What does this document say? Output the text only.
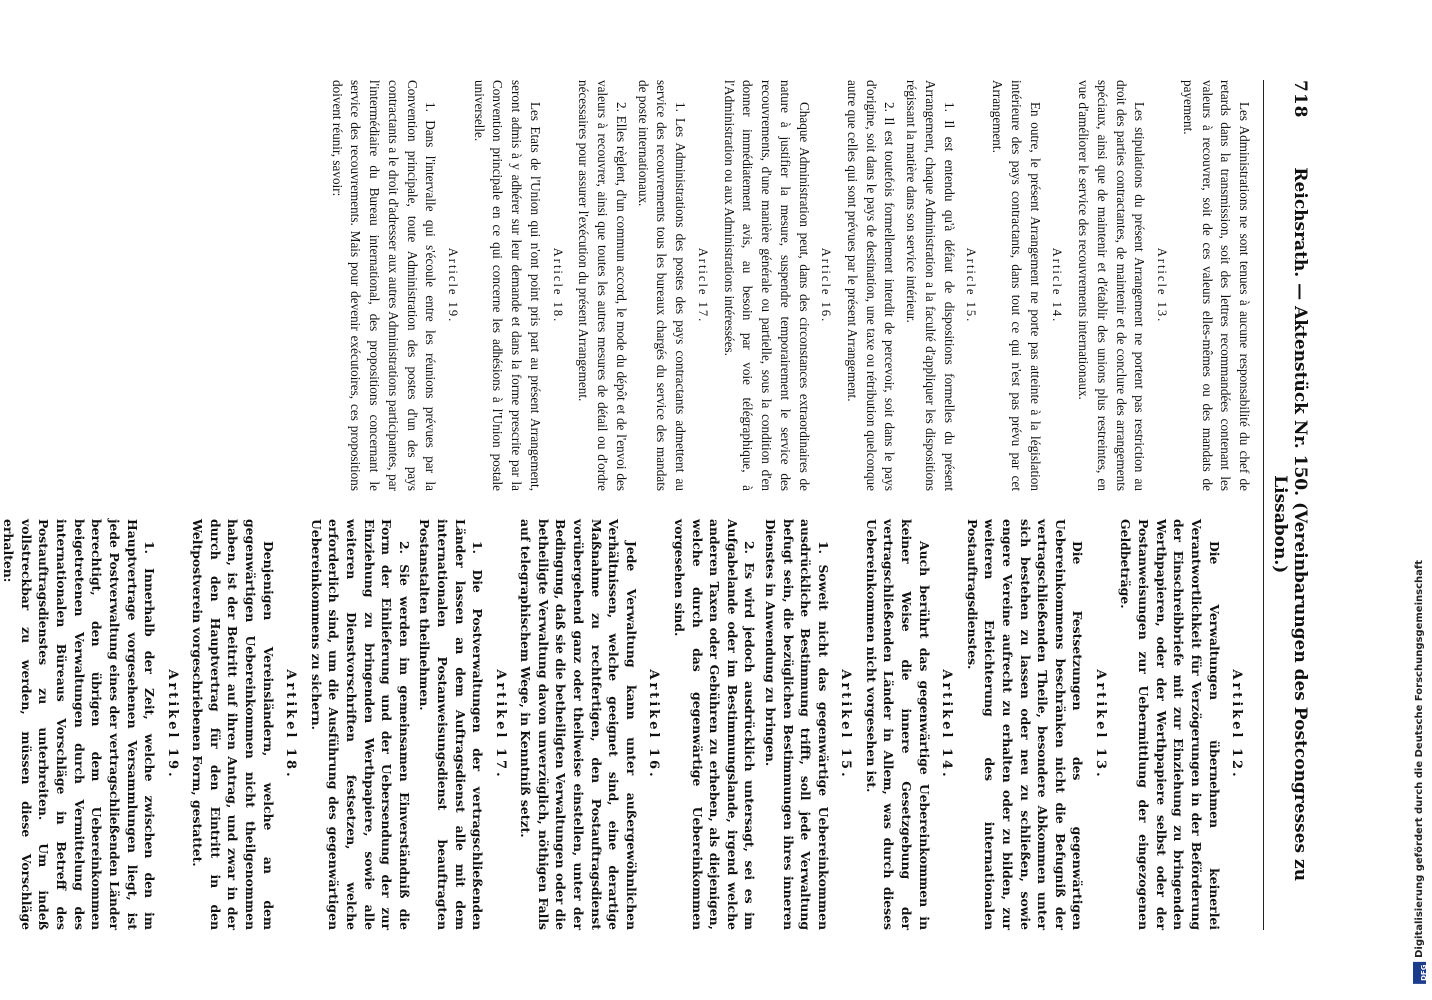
718
Reichsrath. — Aktenstück Nr. 150. (Vereinbarungen des Postcongresses zu Lissabon.)
Les Administrations ne sont tenues à aucune responsabilité du chef de retards dans la transmission, soit des lettres recommandées contenant les valeurs à recouvrer, soit de ces valeurs elles-mêmes ou des mandats de payement.
Article 13.
Les stipulations du présent Arrangement ne portent pas restriction au droit des parties contractantes, de maintenir et de conclure des arrangements spéciaux, ainsi que de maintenir et d'établir des unions plus restreintes, en vue d'améliorer le service des recouvrements internationaux.
Article 14.
En outre, le présent Arrangement ne porte pas atteinte à la législation intérieure des pays contractants, dans tout ce qui n'est pas prévu par cet Arrangement.
Article 15.
1. Il est entendu qu'à défaut de dispositions formelles du présent Arrangement, chaque Administration a la faculté d'appliquer les dispositions régissant la matière dans son service intérieur.
2. Il est toutefois formellement interdit de percevoir, soit dans le pays d'origine, soit dans le pays de destination, une taxe ou rétribution quelconque autre que celles qui sont prévues par le présent Arrangement.
Article 16.
Chaque Administration peut, dans des circonstances extraordinaires de nature à justifier la mesure, suspendre temporairement le service des recouvrements, d'une manière générale ou partielle, sous la condition d'en donner immédiatement avis, au besoin par voie télégraphique, à l'Administration ou aux Administrations intéressées.
Article 17.
1. Les Administrations des postes des pays contractants admettent au service des recouvrements tous les bureaux chargés du service des mandats de poste internationaux.
2. Elles règlent, d'un commun accord, le mode du dépôt et de l'envoi des valeurs à recouvrer, ainsi que toutes les autres mesures de détail ou d'ordre nécessaires pour assurer l'exécution du présent Arrangement.
Article 18.
Les Etats de l'Union qui n'ont point pris part au présent Arrangement, seront admis à y adhérer sur leur demande et dans la forme prescrite par la Convention principale en ce qui concerne les adhésions à l'Union postale universelle.
Article 19.
1. Dans l'intervalle qui s'écoule entre les réunions prévues par la Convention principale, toute Administration des postes d'un des pays contractants a le droit d'adresser aux autres Administrations participantes, par l'intermédiaire du Bureau international, des propositions concernant le service des recouvrements. Mais pour devenir exécutoires, ces propositions doivent réunir, savoir:
Artikel 12.
Die Verwaltungen übernehmen keinerlei Verantwortlichkeit für Verzögerungen in der Beförderung der Einschreibbriefe mit zur Einziehung zu bringenden Werthpapieren, oder der Werthpapiere selbst oder der Postanweisungen zur Uebermittlung der eingezogenen Geldbeträge.
Artikel 13.
Die Festsetzungen des gegenwärtigen Uebereinkommens beschränken nicht die Befugniß der vertragschließenden Theile, besondere Abkommen unter sich bestehen zu lassen oder neu zu schließen, sowie engere Vereine aufrecht zu erhalten oder zu bilden, zur weiteren Erleichterung des internationalen Postauftragsdienstes.
Artikel 14.
Auch berührt das gegenwärtige Uebereinkommen in keiner Weise die innere Gesetzgebung der vertragschließenden Länder in Allem, was durch dieses Uebereinkommen nicht vorgesehen ist.
Artikel 15.
1. Soweit nicht das gegenwärtige Uebereinkommen ausdrückliche Bestimmung trifft, soll jede Verwaltung befugt sein, die bezüglichen Bestimmungen ihres inneren Dienstes in Anwendung zu bringen.
2. Es wird jedoch ausdrücklich untersagt, sei es im Aufgabelande oder im Bestimmungslande, irgend welche anderen Taxen oder Gebühren zu erheben, als diejenigen, welche durch das gegenwärtige Uebereinkommen vorgesehen sind.
Artikel 16.
Jede Verwaltung kann unter außergewöhnlichen Verhältnissen, welche geeignet sind, eine derartige Maßnahme zu rechtfertigen, den Postauftragsdienst vorübergehend ganz oder theilweise einstellen, unter der Bedingung, daß sie die betheiligten Verwaltungen oder die betheiligte Verwaltung davon unverzüglich, nöthigen Falls auf telegraphischem Wege, in Kenntniß setzt.
Artikel 17.
1. Die Postverwaltungen der vertragschließenden Länder lassen an dem Auftragsdienst alle mit dem internationalen Postanweisungsdienst beauftragten Postanstalten theilnehmen.
2. Sie werden im gemeinsamen Einverständniß die Form der Einlieferung und der Uebersendung der zur Einziehung zu bringenden Werthpapiere, sowie alle weiteren Dienstvorschriften festsetzen, welche erforderlich sind, um die Ausführung des gegenwärtigen Uebereinkommens zu sichern.
Artikel 18.
Denjenigen Vereinsländern, welche an dem gegenwärtigen Uebereinkommen nicht theilgenommen haben, ist der Beitritt auf ihren Antrag, und zwar in der durch den Hauptvertrag für den Eintritt in den Weltpostverein vorgeschriebenen Form, gestattet.
Artikel 19.
1. Innerhalb der Zeit, welche zwischen den im Hauptvertrage vorgesehenen Versammlungen liegt, ist jede Postverwaltung eines der vertragschließenden Länder berechtigt, den übrigen dem Uebereinkommen beigetretenen Verwaltungen durch Vermittelung des internationalen Büreaus Vorschläge in Betreff des Postauftragsdienstes zu unterbreiten. Um indeß vollstreckbar zu werden, müssen diese Vorschläge erhalten:
DFG
Digitalisierung gefördert durch die Deutsche Forschungsgemeinschaft
